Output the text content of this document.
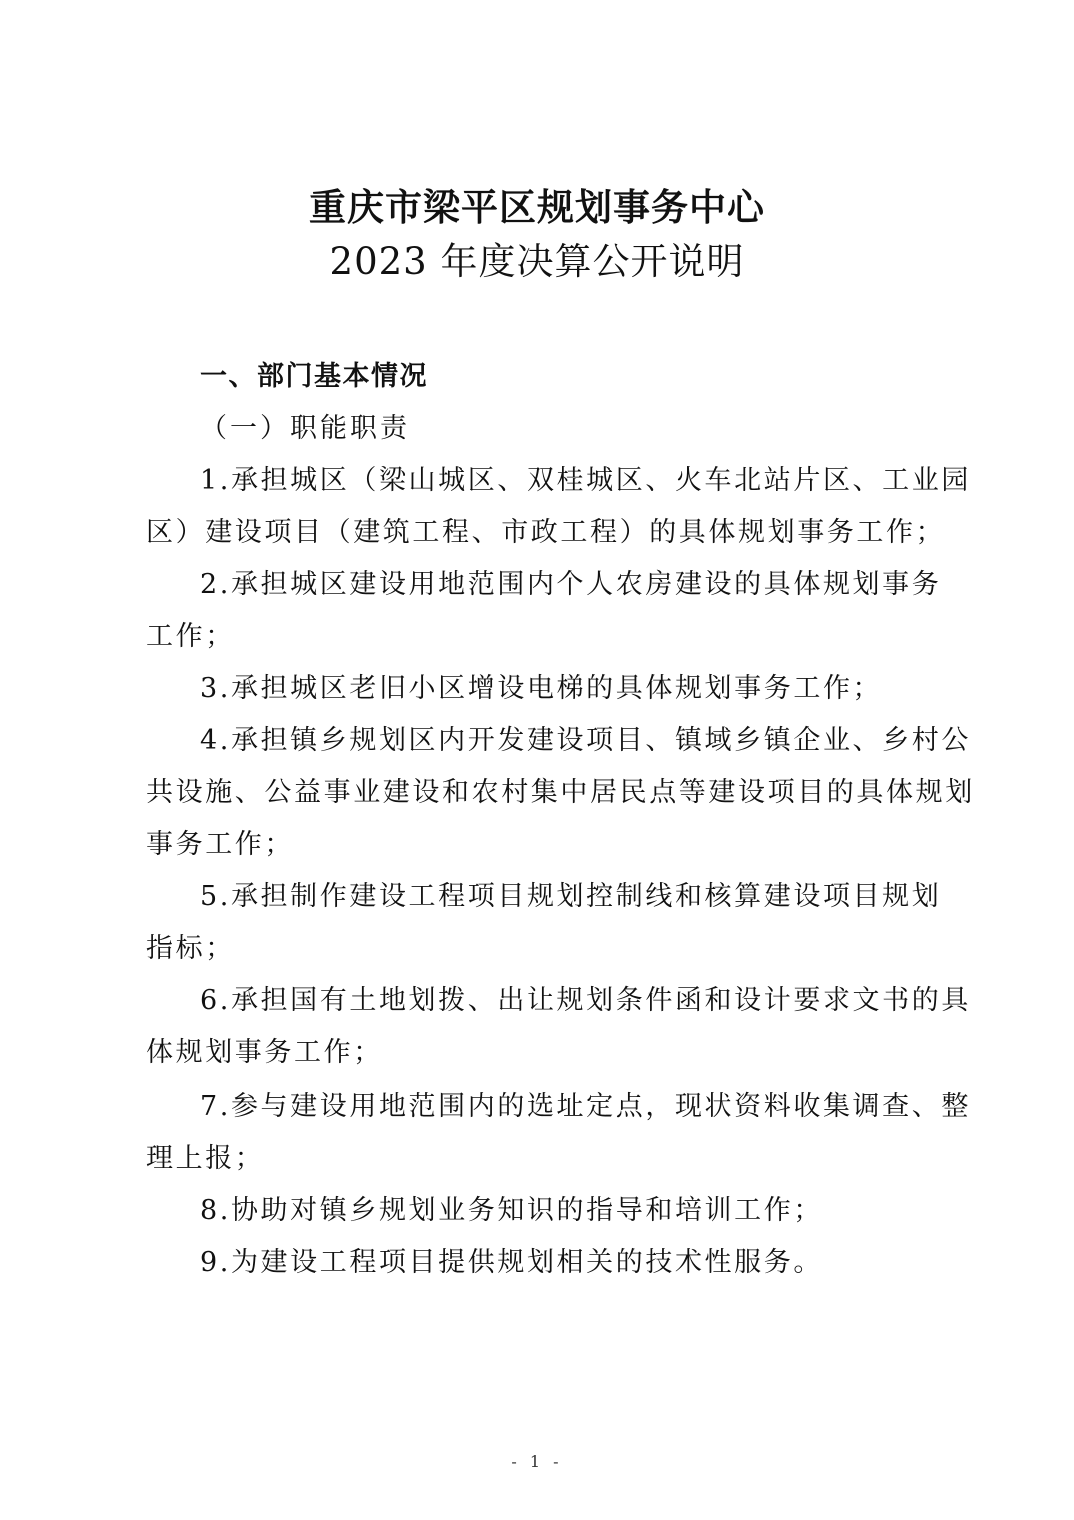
重庆市梁平区规划事务中心
2023 年度决算公开说明
一、部门基本情况
（一）职能职责
1.承担城区（梁山城区、双桂城区、火车北站片区、工业园
区）建设项目（建筑工程、市政工程）的具体规划事务工作；
2.承担城区建设用地范围内个人农房建设的具体规划事务
工作；
3.承担城区老旧小区增设电梯的具体规划事务工作；
4.承担镇乡规划区内开发建设项目、镇域乡镇企业、乡村公
共设施、公益事业建设和农村集中居民点等建设项目的具体规划
事务工作；
5.承担制作建设工程项目规划控制线和核算建设项目规划
指标；
6.承担国有土地划拨、出让规划条件函和设计要求文书的具
体规划事务工作；
7.参与建设用地范围内的选址定点，现状资料收集调查、整
理上报；
8.协助对镇乡规划业务知识的指导和培训工作；
9.为建设工程项目提供规划相关的技术性服务。
- 1 -
